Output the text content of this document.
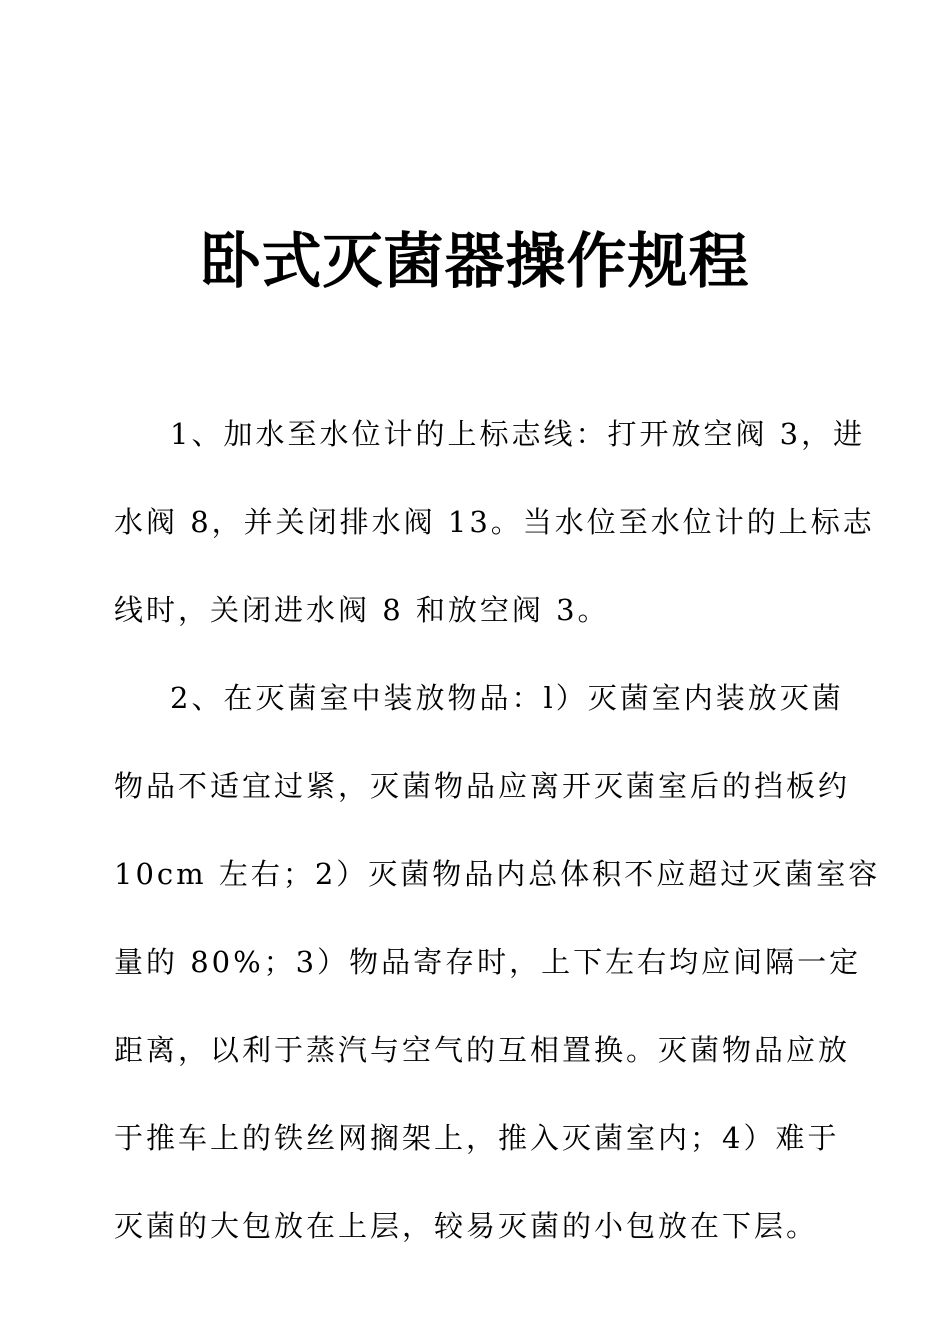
卧式灭菌器操作规程
1、加水至水位计的上标志线：打开放空阀 3，进
水阀 8，并关闭排水阀 13。当水位至水位计的上标志
线时，关闭进水阀 8 和放空阀 3。
2、在灭菌室中装放物品：l）灭菌室内装放灭菌
物品不适宜过紧，灭菌物品应离开灭菌室后的挡板约
10cm 左右；2）灭菌物品内总体积不应超过灭菌室容
量的 80%；3）物品寄存时，上下左右均应间隔一定
距离，以利于蒸汽与空气的互相置换。灭菌物品应放
于推车上的铁丝网搁架上，推入灭菌室内；4）难于
灭菌的大包放在上层，较易灭菌的小包放在下层。
